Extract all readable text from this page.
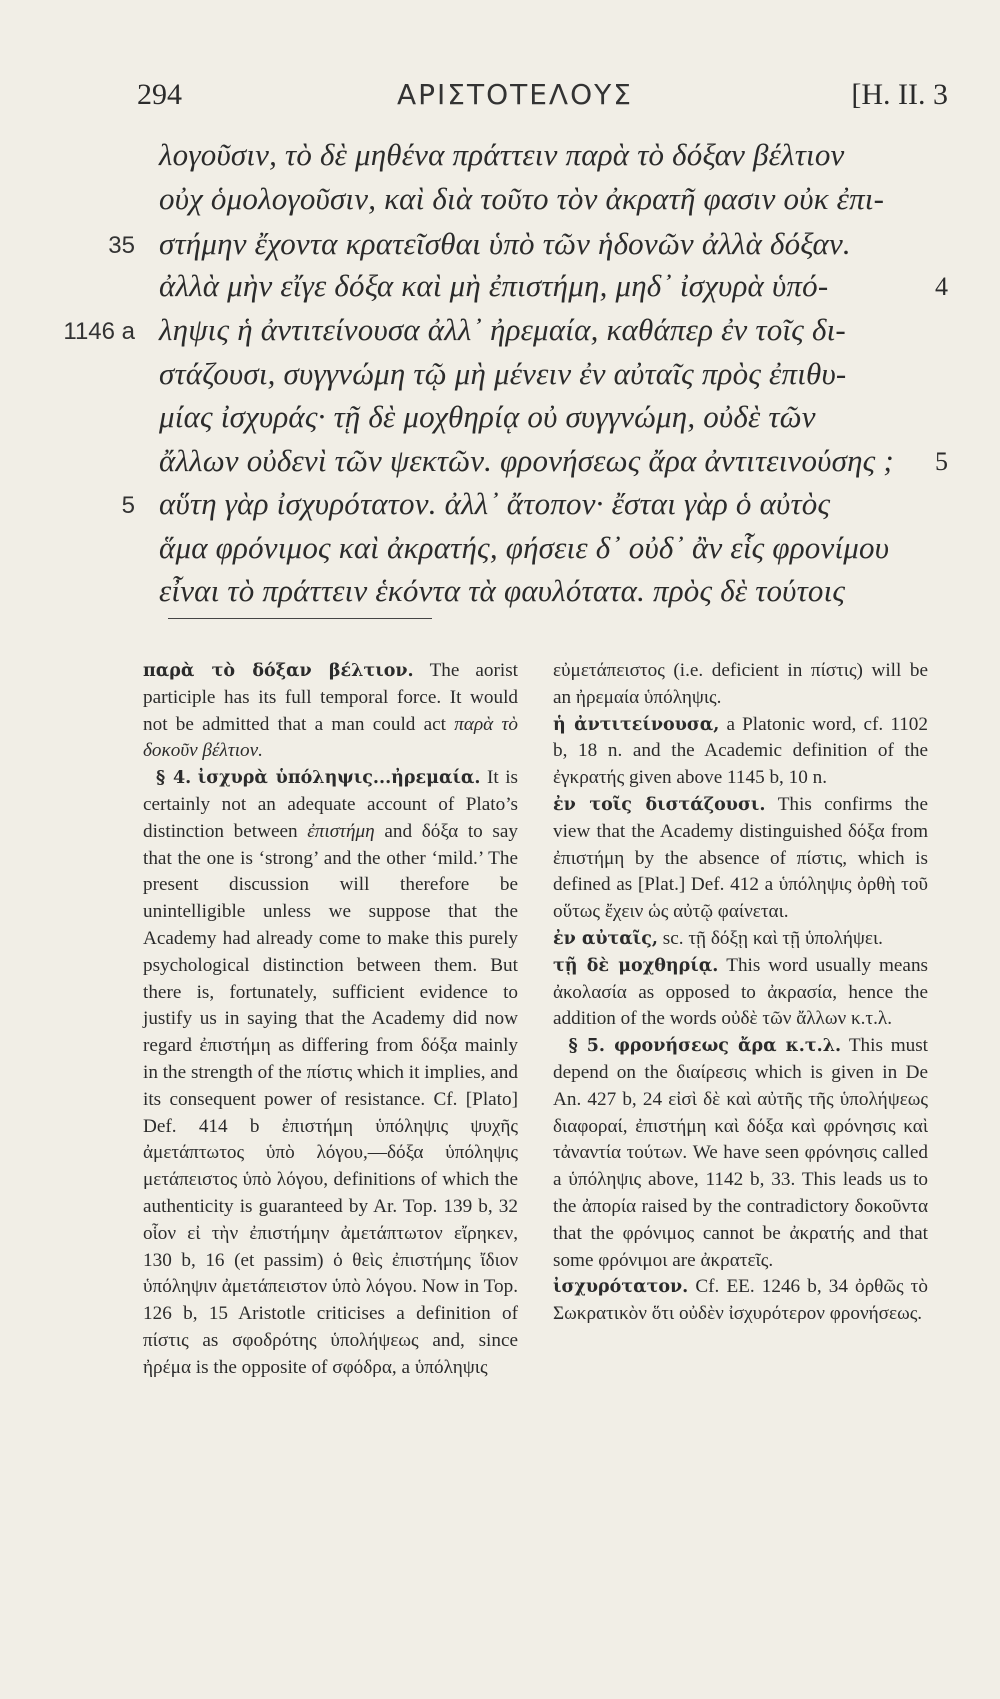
294	ΑΡΙΣΤΟΤΕΛΟΥΣ	[H. II. 3
λογοῦσιν, τὸ δὲ μηθένα πράττειν παρὰ τὸ δόξαν βέλτιον
οὐχ ὁμολογοῦσιν, καὶ διὰ τοῦτο τὸν ἀκρατῆ φασιν οὐκ ἐπι-
35 στήμην ἔχοντα κρατεῖσθαι ὑπὸ τῶν ἡδονῶν ἀλλὰ δόξαν.
ἀλλὰ μὴν εἴγε δόξα καὶ μὴ ἐπιστήμη, μηδ᾽ ἰσχυρὰ ὑπό-	4
1146 a ληψις ἡ ἀντιτείνουσα ἀλλ᾽ ἠρεμαία, καθάπερ ἐν τοῖς δι-
στάζουσι, συγγνώμη τῷ μὴ μένειν ἐν αὐταῖς πρὸς ἐπιθυ-
μίας ἰσχυράς· τῇ δὲ μοχθηρίᾳ οὐ συγγνώμη, οὐδὲ τῶν
ἄλλων οὐδενὶ τῶν ψεκτῶν. φρονήσεως ἄρα ἀντιτεινούσης ;	5
5 αὕτη γὰρ ἰσχυρότατον. ἀλλ᾽ ἄτοπον· ἔσται γὰρ ὁ αὐτὸς
ἅμα φρόνιμος καὶ ἀκρατής, φήσειε δ᾽ οὐδ᾽ ἂν εἷς φρονίμου
εἶναι τὸ πράττειν ἑκόντα τὰ φαυλότατα. πρὸς δὲ τούτοις

παρὰ τὸ δόξαν βέλτιον. The aorist participle has its full temporal force. It would not be admitted that a man could act παρὰ τὸ δοκοῦν βέλτιον.

§ 4. ἰσχυρὰ ὑπόληψις...ἠρεμαία. It is certainly not an adequate account of Plato’s distinction between ἐπιστήμη and δόξα to say that the one is ‘strong’ and the other ‘mild.’ The present discussion will therefore be unintelligible unless we suppose that the Academy had already come to make this purely psychological distinction between them. But there is, fortunately, sufficient evidence to justify us in saying that the Academy did now regard ἐπιστήμη as differing from δόξα mainly in the strength of the πίστις which it implies, and its consequent power of resistance. Cf. [Plato] Def. 414 b ἐπιστήμη ὑπόληψις ψυχῆς ἀμετάπτωτος ὑπὸ λόγου,—δόξα ὑπόληψις μετάπειστος ὑπὸ λόγου, definitions of which the authenticity is guaranteed by Ar. Top. 139 b, 32 οἷον εἰ τὴν ἐπιστήμην ἀμετάπτωτον εἴρηκεν, 130 b, 16 (et passim) ὁ θεὶς ἐπιστήμης ἴδιον ὑπόληψιν ἀμετάπειστον ὑπὸ λόγου. Now in Top. 126 b, 15 Aristotle criticises a definition of πίστις as σφοδρότης ὑπολήψεως and, since ἠρέμα is the opposite of σφόδρα, a ὑπόληψις

εὐμετάπειστος (i.e. deficient in πίστις) will be an ἠρεμαία ὑπόληψις.

ἡ ἀντιτείνουσα, a Platonic word, cf. 1102 b, 18 n. and the Academic definition of the ἐγκρατής given above 1145 b, 10 n.

ἐν τοῖς διστάζουσι. This confirms the view that the Academy distinguished δόξα from ἐπιστήμη by the absence of πίστις, which is defined as [Plat.] Def. 412 a ὑπόληψις ὀρθὴ τοῦ οὕτως ἔχειν ὡς αὐτῷ φαίνεται.

ἐν αὐταῖς, sc. τῇ δόξῃ καὶ τῇ ὑπολήψει.

τῇ δὲ μοχθηρίᾳ. This word usually means ἀκολασία as opposed to ἀκρασία, hence the addition of the words οὐδὲ τῶν ἄλλων κ.τ.λ.

§ 5. φρονήσεως ἄρα κ.τ.λ. This must depend on the διαίρεσις which is given in De An. 427 b, 24 εἰσὶ δὲ καὶ αὐτῆς τῆς ὑπολήψεως διαφοραί, ἐπιστήμη καὶ δόξα καὶ φρόνησις καὶ τἀναντία τούτων. We have seen φρόνησις called a ὑπόληψις above, 1142 b, 33. This leads us to the ἀπορία raised by the contradictory δοκοῦντα that the φρόνιμος cannot be ἀκρατής and that some φρόνιμοι are ἀκρατεῖς.

ἰσχυρότατον. Cf. EE. 1246 b, 34 ὀρθῶς τὸ Σωκρατικὸν ὅτι οὐδὲν ἰσχυρότερον φρονήσεως.
